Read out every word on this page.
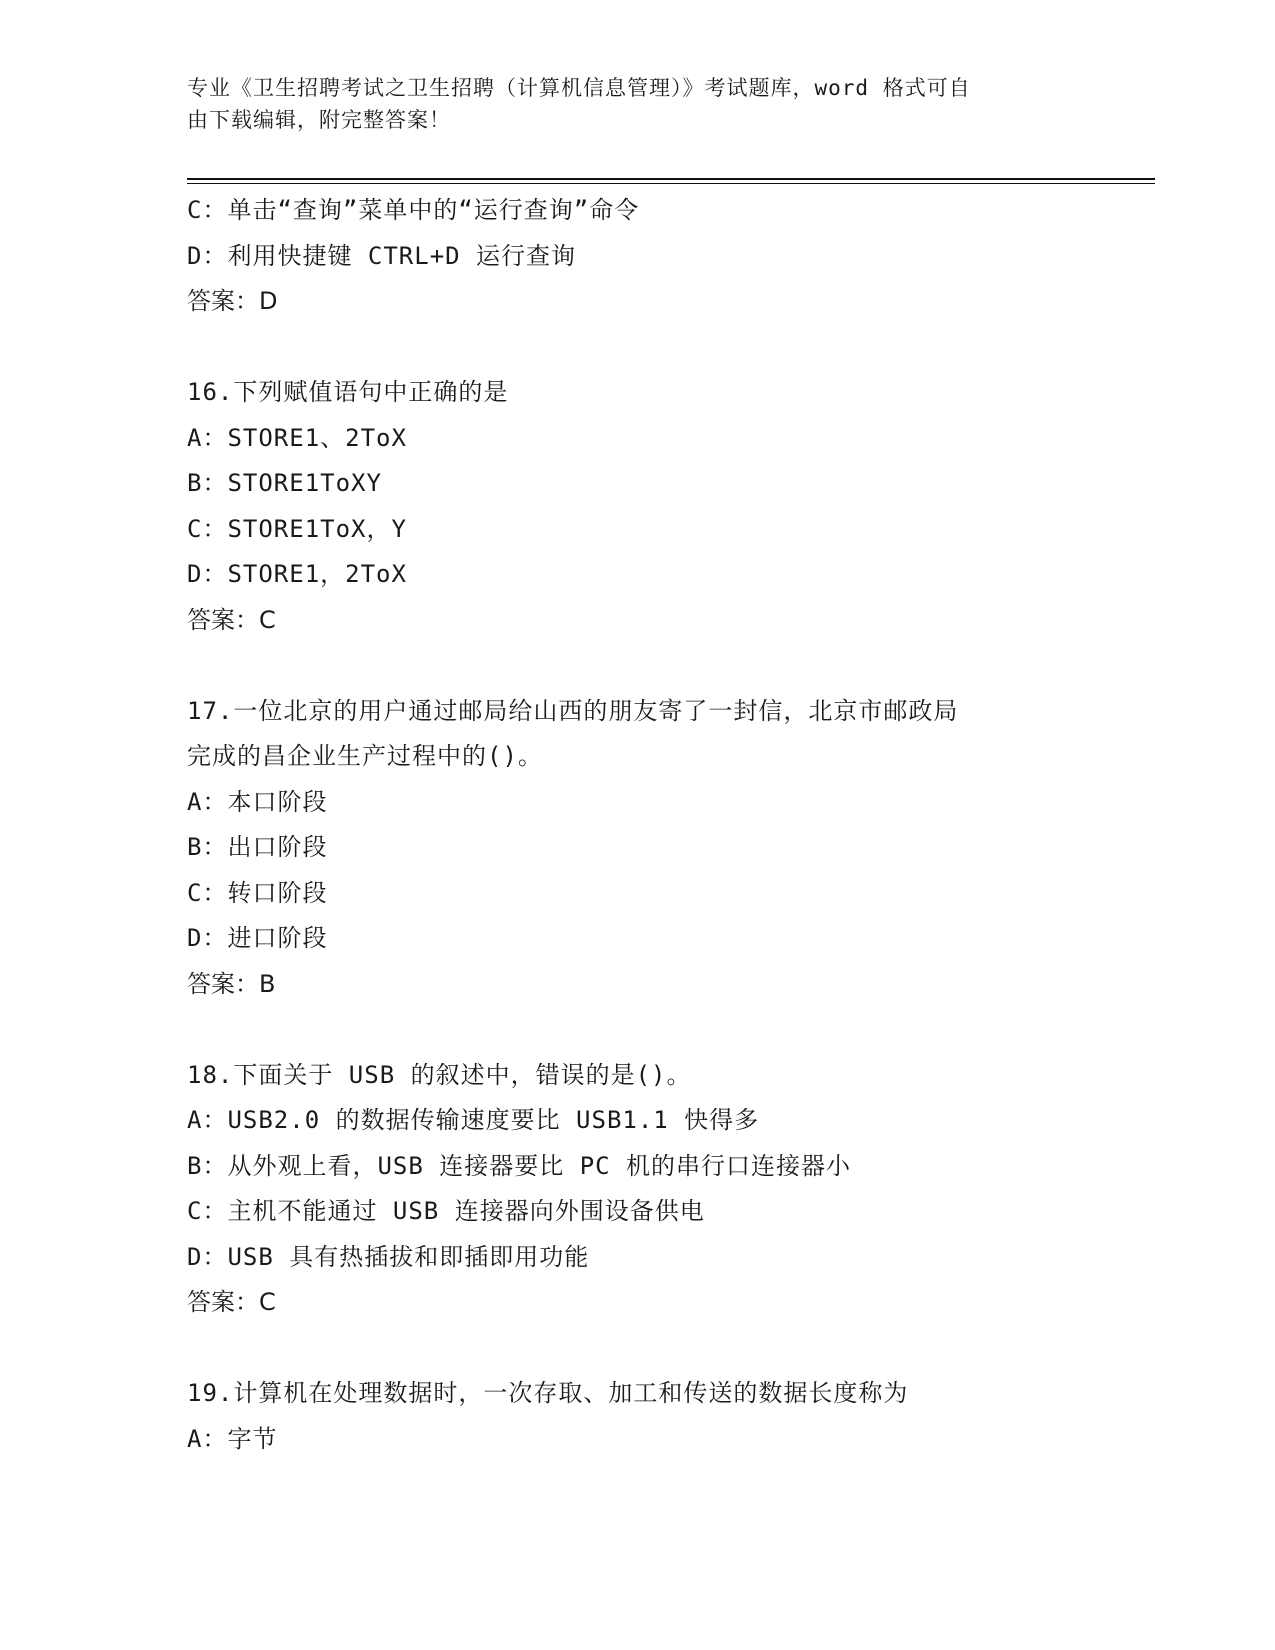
专业《卫生招聘考试之卫生招聘（计算机信息管理）》考试题库，word 格式可自
由下载编辑，附完整答案！
C：单击“查询”菜单中的“运行查询”命令
D：利用快捷键 CTRL+D 运行查询
答案：D
16.下列赋值语句中正确的是
A：STORE1、2ToX
B：STORE1ToXY
C：STORE1ToX，Y
D：STORE1，2ToX
答案：C
17.一位北京的用户通过邮局给山西的朋友寄了一封信，北京市邮政局
完成的昌企业生产过程中的()。
A：本口阶段
B：出口阶段
C：转口阶段
D：进口阶段
答案：B
18.下面关于 USB 的叙述中，错误的是()。
A：USB2.0 的数据传输速度要比 USB1.1 快得多
B：从外观上看，USB 连接器要比 PC 机的串行口连接器小
C：主机不能通过 USB 连接器向外围设备供电
D：USB 具有热插拔和即插即用功能
答案：C
19.计算机在处理数据时，一次存取、加工和传送的数据长度称为
A：字节
